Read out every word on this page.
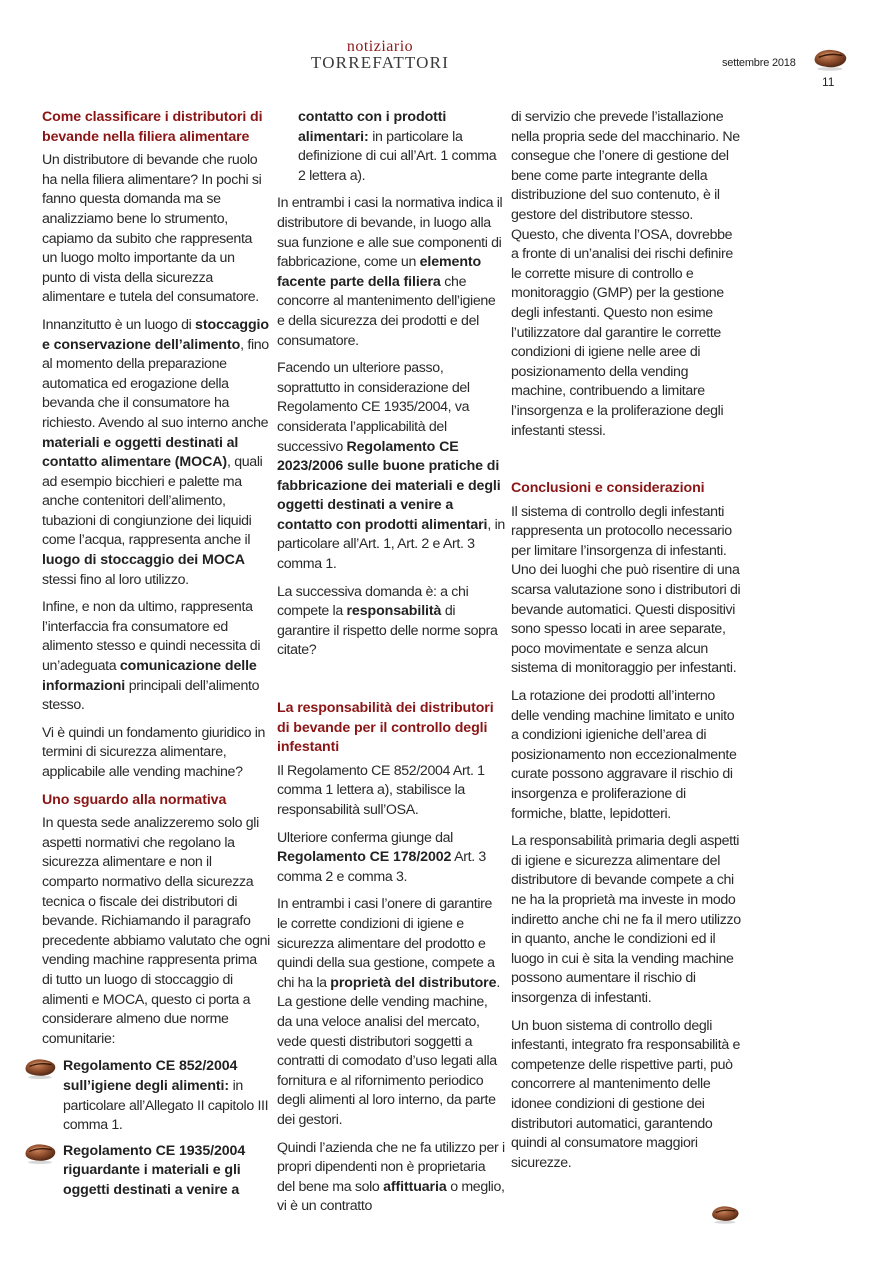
notiziario
TORREFATTORI	settembre 2018
11
Come classificare i distributori di bevande nella filiera alimentare

Un distributore di bevande che ruolo ha nella filiera alimentare? In pochi si fanno questa domanda ma se analizziamo bene lo strumento, capiamo da subito che rappresenta un luogo molto importante da un punto di vista della sicurezza alimentare e tutela del consumatore.

Innanzitutto è un luogo di stoccaggio e conservazione dell’alimento, fino al momento della preparazione automatica ed erogazione della bevanda che il consumatore ha richiesto. Avendo al suo interno anche materiali e oggetti destinati al contatto alimentare (MOCA), quali ad esempio bicchieri e palette ma anche contenitori dell’alimento, tubazioni di congiunzione dei liquidi come l’acqua, rappresenta anche il luogo di stoccaggio dei MOCA stessi fino al loro utilizzo.

Infine, e non da ultimo, rappresenta l’interfaccia fra consumatore ed alimento stesso e quindi necessita di un’adeguata comunicazione delle informazioni principali dell’alimento stesso.

Vi è quindi un fondamento giuridico in termini di sicurezza alimentare, applicabile alle vending machine?

Uno sguardo alla normativa

In questa sede analizzeremo solo gli aspetti normativi che regolano la sicurezza alimentare e non il comparto normativo della sicurezza tecnica o fiscale dei distributori di bevande. Richiamando il paragrafo precedente abbiamo valutato che ogni vending machine rappresenta prima di tutto un luogo di stoccaggio di alimenti e MOCA, questo ci porta a considerare almeno due norme comunitarie:

Regolamento CE 852/2004 sull’igiene degli alimenti: in particolare all’Allegato II capitolo III comma 1.
Regolamento CE 1935/2004 riguardante i materiali e gli oggetti destinati a venire a

contatto con i prodotti alimentari: in particolare la definizione di cui all’Art. 1 comma 2 lettera a).

In entrambi i casi la normativa indica il distributore di bevande, in luogo alla sua funzione e alle sue componenti di fabbricazione, come un elemento facente parte della filiera che concorre al mantenimento dell’igiene e della sicurezza dei prodotti e del consumatore.

Facendo un ulteriore passo, soprattutto in considerazione del Regolamento CE 1935/2004, va considerata l’applicabilità del successivo Regolamento CE 2023/2006 sulle buone pratiche di fabbricazione dei materiali e degli oggetti destinati a venire a contatto con prodotti alimentari, in particolare all’Art. 1, Art. 2 e Art. 3 comma 1.

La successiva domanda è: a chi compete la responsabilità di garantire il rispetto delle norme sopra citate?

La responsabilità dei distributori di bevande per il controllo degli infestanti

Il Regolamento CE 852/2004 Art. 1 comma 1 lettera a), stabilisce la responsabilità sull’OSA.

Ulteriore conferma giunge dal Regolamento CE 178/2002 Art. 3 comma 2 e comma 3.

In entrambi i casi l’onere di garantire le corrette condizioni di igiene e sicurezza alimentare del prodotto e quindi della sua gestione, compete a chi ha la proprietà del distributore. La gestione delle vending machine, da una veloce analisi del mercato, vede questi distributori soggetti a contratti di comodato d’uso legati alla fornitura e al rifornimento periodico degli alimenti al loro interno, da parte dei gestori.

Quindi l’azienda che ne fa utilizzo per i propri dipendenti non è proprietaria del bene ma solo affittuaria o meglio, vi è un contratto

di servizio che prevede l’istallazione nella propria sede del macchinario. Ne consegue che l’onere di gestione del bene come parte integrante della distribuzione del suo contenuto, è il gestore del distributore stesso. Questo, che diventa l’OSA, dovrebbe a fronte di un’analisi dei rischi definire le corrette misure di controllo e monitoraggio (GMP) per la gestione degli infestanti. Questo non esime l’utilizzatore dal garantire le corrette condizioni di igiene nelle aree di posizionamento della vending machine, contribuendo a limitare l’insorgenza e la proliferazione degli infestanti stessi.

Conclusioni e considerazioni

Il sistema di controllo degli infestanti rappresenta un protocollo necessario per limitare l’insorgenza di infestanti. Uno dei luoghi che può risentire di una scarsa valutazione sono i distributori di bevande automatici. Questi dispositivi sono spesso locati in aree separate, poco movimentate e senza alcun sistema di monitoraggio per infestanti.

La rotazione dei prodotti all’interno delle vending machine limitato e unito a condizioni igieniche dell’area di posizionamento non eccezionalmente curate possono aggravare il rischio di insorgenza e proliferazione di formiche, blatte, lepidotteri.

La responsabilità primaria degli aspetti di igiene e sicurezza alimentare del distributore di bevande compete a chi ne ha la proprietà ma investe in modo indiretto anche chi ne fa il mero utilizzo in quanto, anche le condizioni ed il luogo in cui è sita la vending machine possono aumentare il rischio di insorgenza di infestanti.

Un buon sistema di controllo degli infestanti, integrato fra responsabilità e competenze delle rispettive parti, può concorrere al mantenimento delle idonee condizioni di gestione dei distributori automatici, garantendo quindi al consumatore maggiori sicurezze.
